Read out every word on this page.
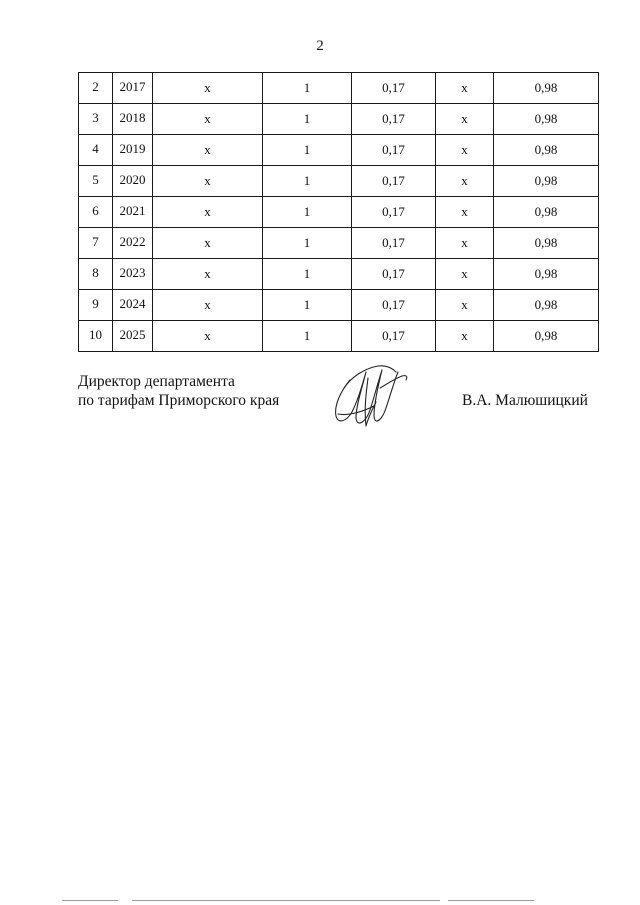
2
2	2017	x	1	0,17	x	0,98
3	2018	x	1	0,17	x	0,98
4	2019	x	1	0,17	x	0,98
5	2020	x	1	0,17	x	0,98
6	2021	x	1	0,17	x	0,98
7	2022	x	1	0,17	x	0,98
8	2023	x	1	0,17	x	0,98
9	2024	x	1	0,17	x	0,98
10	2025	x	1	0,17	x	0,98
Директор департамента
по тарифам Приморского края	В.А. Малюшицкий
